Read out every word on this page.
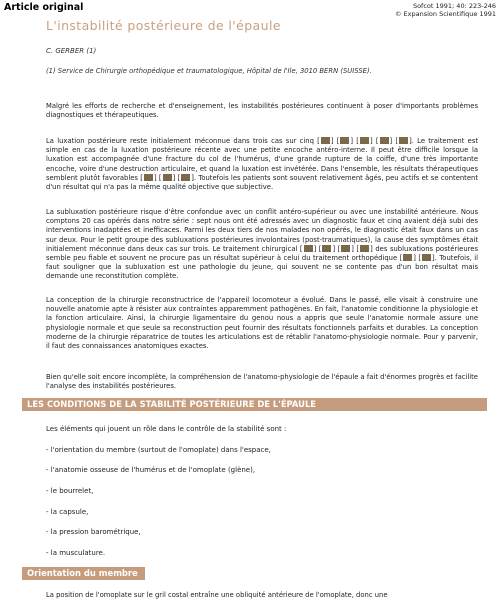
Article original	Sofcot 1991; 40: 223-246
© Expansion Scientifique 1991
L'instabilité postérieure de l'épaule
C. GERBER (1)
(1) Service de Chirurgie orthopédique et traumatologique, Hôpital de l'Ile, 3010 BERN (SUISSE).

Malgré les efforts de recherche et d'enseignement, les instabilités postérieures continuent à poser d'importants problèmes diagnostiques et thérapeutiques.

La luxation postérieure reste initialement méconnue dans trois cas sur cinq [ ] [ ] [ ] [ ] [ ]. Le traitement est simple en cas de la luxation postérieure récente avec une petite encoche antéro-interne. Il peut être difficile lorsque la luxation est accompagnée d'une fracture du col de l'humérus, d'une grande rupture de la coiffe, d'une très importante encoche, voire d'une destruction articulaire, et quand la luxation est invétérée. Dans l'ensemble, les résultats thérapeutiques semblent plutôt favorables [ ] [ ] [ ]. Toutefois les patients sont souvent relativement âgés, peu actifs et se contentent d'un résultat qui n'a pas la même qualité objective que subjective.

La subluxation postérieure risque d'être confondue avec un conflit antéro-supérieur ou avec une instabilité antérieure. Nous comptons 20 cas opérés dans notre série : sept nous ont été adressés avec un diagnostic faux et cinq avaient déjà subi des interventions inadaptées et inefficaces. Parmi les deux tiers de nos malades non opérés, le diagnostic était faux dans un cas sur deux. Pour le petit groupe des subluxations postérieures involontaires (post-traumatiques), la cause des symptômes était initialement méconnue dans deux cas sur trois. Le traitement chirurgical [ ] [ ] [ ] [ ] des subluxations postérieures semble peu fiable et souvent ne procure pas un résultat supérieur à celui du traitement orthopédique [ ] [ ]. Toutefois, il faut souligner que la subluxation est une pathologie du jeune, qui souvent ne se contente pas d'un bon résultat mais demande une reconstitution complète.

La conception de la chirurgie reconstructrice de l'appareil locomoteur a évolué. Dans le passé, elle visait à construire une nouvelle anatomie apte à résister aux contraintes apparemment pathogènes. En fait, l'anatomie conditionne la physiologie et la fonction articulaire. Ainsi, la chirurgie ligamentaire du genou nous a appris que seule l'anatomie normale assure une physiologie normale et que seule sa reconstruction peut fournir des résultats fonctionnels parfaits et durables. La conception moderne de la chirurgie réparatrice de toutes les articulations est de rétablir l'anatomo-physiologie normale. Pour y parvenir, il faut des connaissances anatomiques exactes.

Bien qu'elle soit encore incomplète, la compréhension de l'anatomo-physiologie de l'épaule a fait d'énormes progrès et facilite l'analyse des instabilités postérieures.

LES CONDITIONS DE LA STABILITÉ POSTÉRIEURE DE L'ÉPAULE
Les éléments qui jouent un rôle dans le contrôle de la stabilité sont :
- l'orientation du membre (surtout de l'omoplate) dans l'espace,
- l'anatomie osseuse de l'humérus et de l'omoplate (glène),
- le bourrelet,
- la capsule,
- la pression barométrique,
- la musculature.
Orientation du membre

La position de l'omoplate sur le gril costal entraîne une obliquité antérieure de l'omoplate, donc une
